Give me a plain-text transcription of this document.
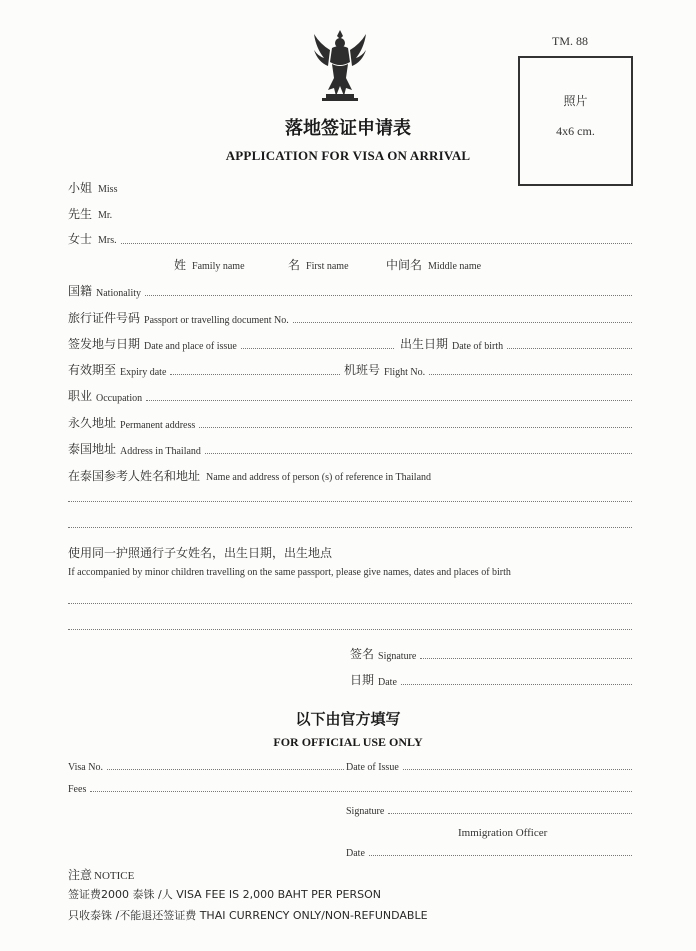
TM. 88
照片
4x6 cm.
落地签证申请表
APPLICATION FOR VISA ON ARRIVAL
小姐 Miss
先生 Mr.
女士 Mrs.
姓 Family name	名 First name	中间名 Middle name
国籍 Nationality
旅行证件号码 Passport or travelling document No.
签发地与日期 Date and place of issue	出生日期 Date of birth
有效期至 Expiry date	机班号 Flight No.
职业 Occupation
永久地址 Permanent address
泰国地址 Address in Thailand
在泰国参考人姓名和地址 Name and address of person (s) of reference in Thailand
使用同一护照通行子女姓名，出生日期，出生地点
If accompanied by minor children travelling on the same passport, please give names, dates and places of birth
签名 Signature
日期 Date
以下由官方填写
FOR OFFICIAL USE ONLY
Visa No.	Date of Issue
Fees
Signature
Immigration Officer
Date
注意 NOTICE
签证费2000 泰铢 /人 VISA FEE IS 2,000 BAHT PER PERSON
只收泰铢 /不能退还签证费 THAI CURRENCY ONLY/NON-REFUNDABLE
